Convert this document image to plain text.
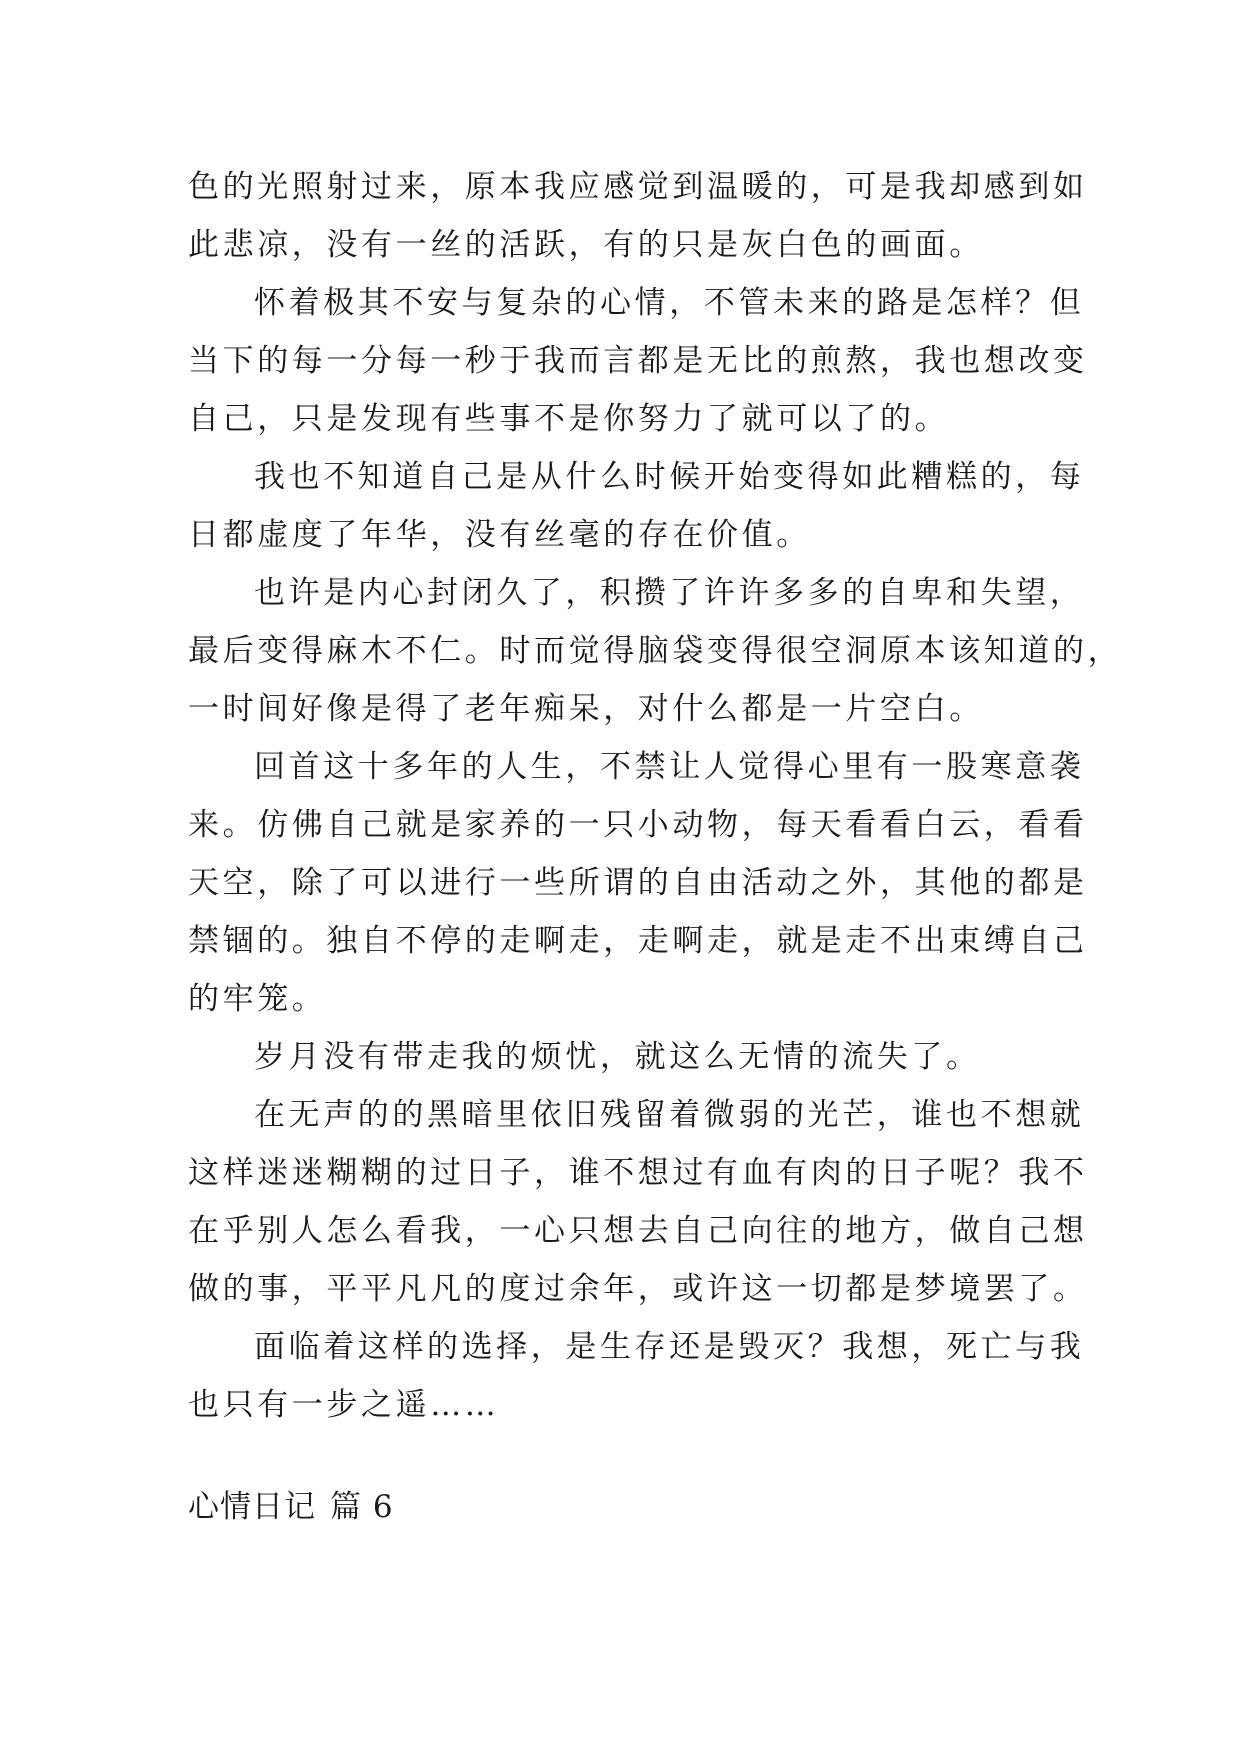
色的光照射过来，原本我应感觉到温暖的，可是我却感到如
此悲凉，没有一丝的活跃，有的只是灰白色的画面。
怀着极其不安与复杂的心情，不管未来的路是怎样？但
当下的每一分每一秒于我而言都是无比的煎熬，我也想改变
自己，只是发现有些事不是你努力了就可以了的。
我也不知道自己是从什么时候开始变得如此糟糕的，每
日都虚度了年华，没有丝毫的存在价值。
也许是内心封闭久了，积攒了许许多多的自卑和失望，
最后变得麻木不仁。时而觉得脑袋变得很空洞原本该知道的，
一时间好像是得了老年痴呆，对什么都是一片空白。
回首这十多年的人生，不禁让人觉得心里有一股寒意袭
来。仿佛自己就是家养的一只小动物，每天看看白云，看看
天空，除了可以进行一些所谓的自由活动之外，其他的都是
禁锢的。独自不停的走啊走，走啊走，就是走不出束缚自己
的牢笼。
岁月没有带走我的烦忧，就这么无情的流失了。
在无声的的黑暗里依旧残留着微弱的光芒，谁也不想就
这样迷迷糊糊的过日子，谁不想过有血有肉的日子呢？我不
在乎别人怎么看我，一心只想去自己向往的地方，做自己想
做的事，平平凡凡的度过余年，或许这一切都是梦境罢了。
面临着这样的选择，是生存还是毁灭？我想，死亡与我
也只有一步之遥……
心情日记 篇 6
